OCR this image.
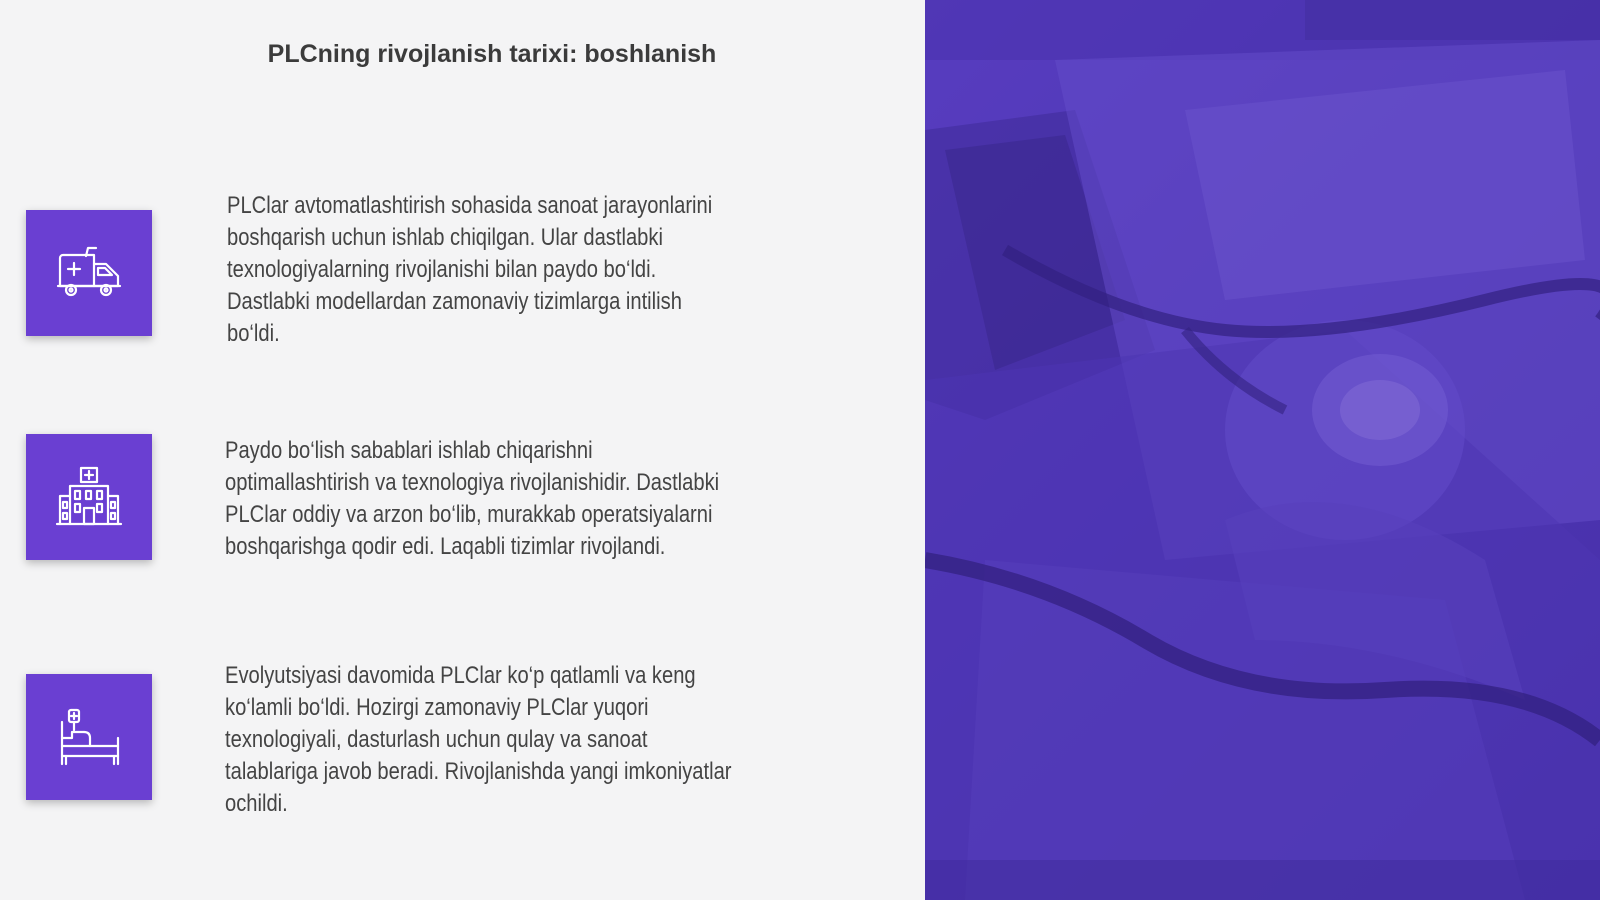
PLCning rivojlanish tarixi: boshlanish

PLClar avtomatlashtirish sohasida sanoat jarayonlarini boshqarish uchun ishlab chiqilgan. Ular dastlabki texnologiyalarning rivojlanishi bilan paydo bo‘ldi. Dastlabki modellardan zamonaviy tizimlarga intilish bo‘ldi.

Paydo bo‘lish sabablari ishlab chiqarishni optimallashtirish va texnologiya rivojlanishidir. Dastlabki PLClar oddiy va arzon bo‘lib, murakkab operatsiyalarni boshqarishga qodir edi. Laqabli tizimlar rivojlandi.

Evolyutsiyasi davomida PLClar ko‘p qatlamli va keng ko‘lamli bo‘ldi. Hozirgi zamonaviy PLClar yuqori texnologiyali, dasturlash uchun qulay va sanoat talablariga javob beradi. Rivojlanishda yangi imkoniyatlar ochildi.
